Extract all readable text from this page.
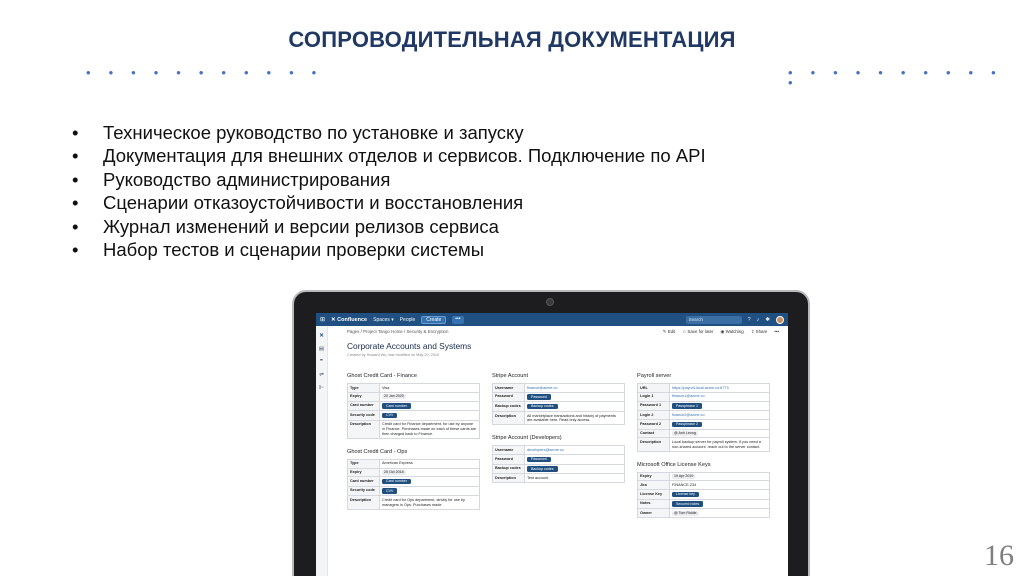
СОПРОВОДИТЕЛЬНАЯ ДОКУМЕНТАЦИЯ
• • • • • • • • • • •	• • • • • • • • • • •
• Техническое руководство по установке и запуску
• Документация для внешних отделов и сервисов. Подключение по API
• Руководство администрирования
• Сценарии отказоустойчивости и восстановления
• Журнал изменений и версии релизов сервиса
• Набор тестов и сценарии проверки системы
⊞ ✕ Confluence Spaces ▾ People	Create	•••	Search	? ♪ ✱
✕
▤
❞
⇌
⊩
Pages / Project Tango Home / Security & Encryption	✎ Edit ☆ Save for later ◉ Watching ⇪ Share •••
Corporate Accounts and Systems
Created by Howard Wu, last modified on May 20, 2019
Ghost Credit Card - Finance
Type	Visa
Expiry	20 Jan 2020
Card number	Card number
Security code	CVV
Description	Credit card for Finance department, for use by anyone in Finance. Purchases made on each of these cards are then charged back to Finance.
Ghost Credit Card - Ops
Type	American Express
Expiry	25 Oct 2018
Card number	Card number
Security code	CVV
Description	Credit card for Ops department, strictly for use by managers in Ops. Purchases made
Stripe Account
Username	finance@acme.co
Password	Password
Backup codes	Backup codes
Description	All marketplace transactions and history of payments are available here. Read only access.
Stripe Account (Developers)
Username	developers@acme.co
Password	Password
Backup codes	Backup codes
Description	Test account
Payroll server
URL	https://payroll-local.acme.co:8773
Login 1	finance1@acme.co
Password 1	Passphrase 1
Login 2	finance2@acme.co
Password 2	Passphrase 2
Contact	@ Anh Leong
Description	Local backup server for payroll system. If you need a non-shared account, reach out to the server contact.
Microsoft Office License Keys
Expiry	19 Apr 2019
Jira	FINANCE-234
License Key	License key
Notes	Secured notes
Owner	@ Tom Riddle
16
